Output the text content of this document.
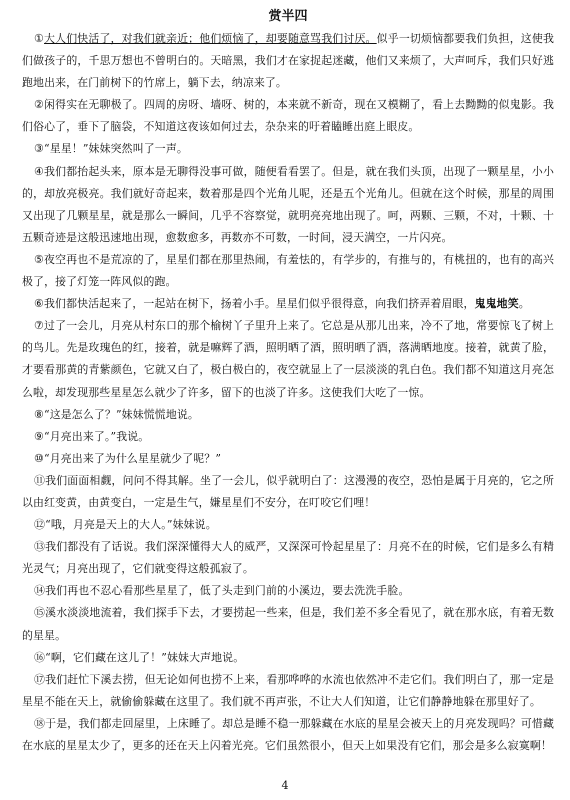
赏半四

①大人们快活了，对我们就亲近；他们烦恼了，却要随意骂我们讨厌。似乎一切烦恼都要我们负担，这使我们做孩子的，千思万想也不曾明白的。天暗黑，我们才在家捉起迷藏，他们又来烦了，大声呵斥，我们只好逃跑地出来，在门前树下的竹席上，躺下去，纳凉来了。

②闲得实在无聊极了。四周的房呀、墙呀、树的，本来就不新奇，现在又模糊了，看上去黝黝的似鬼影。我们俗心了，垂下了脑袋，不知道这夜该如何过去，杂杂来的吁着瞌睡出庭上眼皮。

③“星星！”妹妹突然叫了一声。

④我们都抬起头来，原本是无聊得没事可做，随便看看罢了。但是，就在我们头顶，出现了一颗星星，小小的，却放亮极亮。我们就好奇起来，数着那是四个光角儿呢，还是五个光角儿。但就在这个时候，那星的周围又出现了几颗星星，就是那么一瞬间，几乎不容察觉，就明亮亮地出现了。呵，两颗、三颗，不对，十颗、十五颗奇迹是这般迅速地出现，愈数愈多，再数亦不可数，一时间，浸天满空，一片闪亮。

⑤夜空再也不是荒凉的了，星星们都在那里热闹，有羞怯的，有学步的，有推与的，有桃扭的，也有的高兴极了，接了灯笼一阵风似的跑。

⑥我们都快活起来了，一起站在树下，扬着小手。星星们似乎很得意，向我们挤弄着眉眼，鬼鬼地笑。

⑦过了一会儿，月亮从村东口的那个榆树丫子里升上来了。它总是从那儿出来，冷不了地，常要惊飞了树上的鸟儿。先是玫瑰色的红，接着，就是嘛辉了酒，照明晒了酒，照明晒了酒，落满晒地度。接着，就黄了脸，才要看那黄的青紫颜色，它就又白了，极白极白的，夜空就显上了一层淡淡的乳白色。我们都不知道这月亮怎么啦，却发现那些星星怎么就少了许多，留下的也淡了许多。这使我们大吃了一惊。

⑧“这是怎么了？”妹妹慌慌地说。

⑨“月亮出来了。”我说。

⑩“月亮出来了为什么星星就少了呢？”

⑪我们面面相觑，问问不得其解。坐了一会儿，似乎就明白了：这漫漫的夜空，恐怕是属于月亮的，它之所以由红变黄，由黄变白，一定是生气，嫌星星们不安分，在叮咬它们哩！

⑫“哦，月亮是天上的大人。”妹妹说。

⑬我们都没有了话说。我们深深懂得大人的威严，又深深可怜起星星了：月亮不在的时候，它们是多么有精光灵气；月亮出现了，它们就变得这般孤寂了。

⑭我们再也不忍心看那些星星了，低了头走到门前的小溪边，要去洗洗手脸。

⑮溪水淡淡地流着，我们探手下去，才要捞起一些来，但是，我们差不多全看见了，就在那水底，有着无数的星星。

⑯“啊，它们藏在这儿了！”妹妹大声地说。

⑰我们赶忙下溪去捞，但无论如何也捞不上来，看那哗哗的水流也依然冲不走它们。我们明白了，那一定是星星不能在天上，就偷偷躲藏在这里了。我们就不再声张，不让大人们知道，让它们静静地躲在那里好了。

⑱于是，我们都走回屋里，上床睡了。却总是睡不稳一那躲藏在水底的星星会被天上的月亮发现吗？可惜藏在水底的星星太少了，更多的还在天上闪着光亮。它们虽然很小，但天上如果没有它们，那会是多么寂寞啊！

4
